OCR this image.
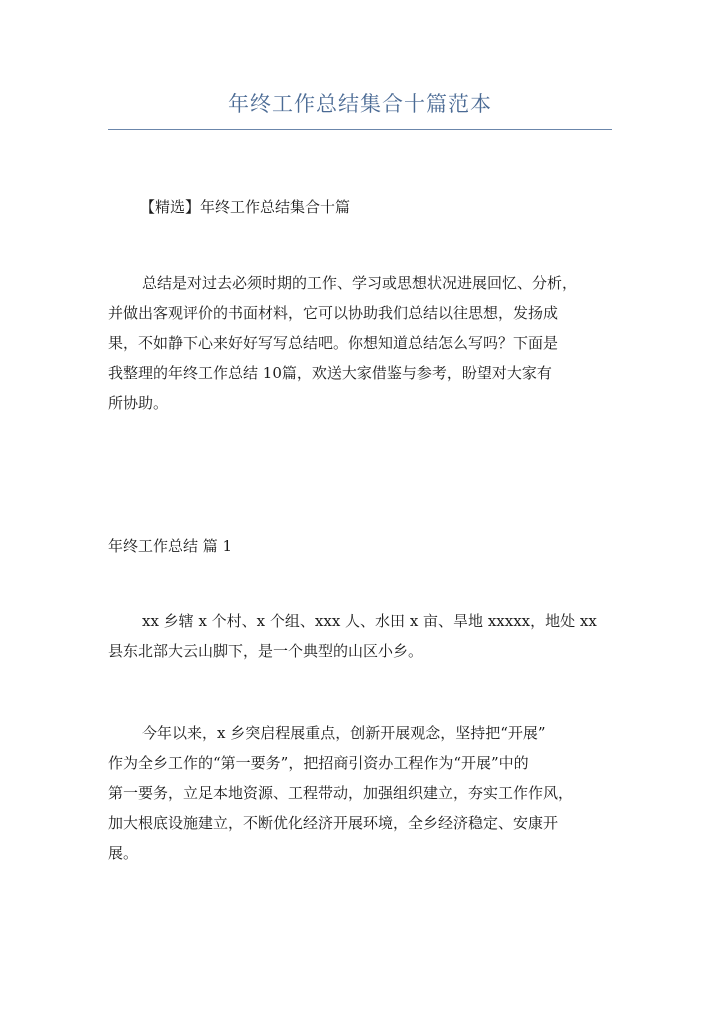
年终工作总结集合十篇范本
【精选】年终工作总结集合十篇
总结是对过去必须时期的工作、学习或思想状况进展回忆、分析，
并做出客观评价的书面材料，它可以协助我们总结以往思想，发扬成
果，不如静下心来好好写写总结吧。你想知道总结怎么写吗？下面是
我整理的年终工作总结 10篇，欢送大家借鉴与参考，盼望对大家有
所协助。
年终工作总结 篇 1
xx 乡辖 x 个村、x 个组、xxx 人、水田 x 亩、旱地 xxxxx，地处 xx
县东北部大云山脚下，是一个典型的山区小乡。
今年以来，x 乡突启程展重点，创新开展观念，坚持把“开展”
作为全乡工作的“第一要务”，把招商引资办工程作为“开展”中的
第一要务，立足本地资源、工程带动，加强组织建立，夯实工作作风，
加大根底设施建立，不断优化经济开展环境，全乡经济稳定、安康开
展。
